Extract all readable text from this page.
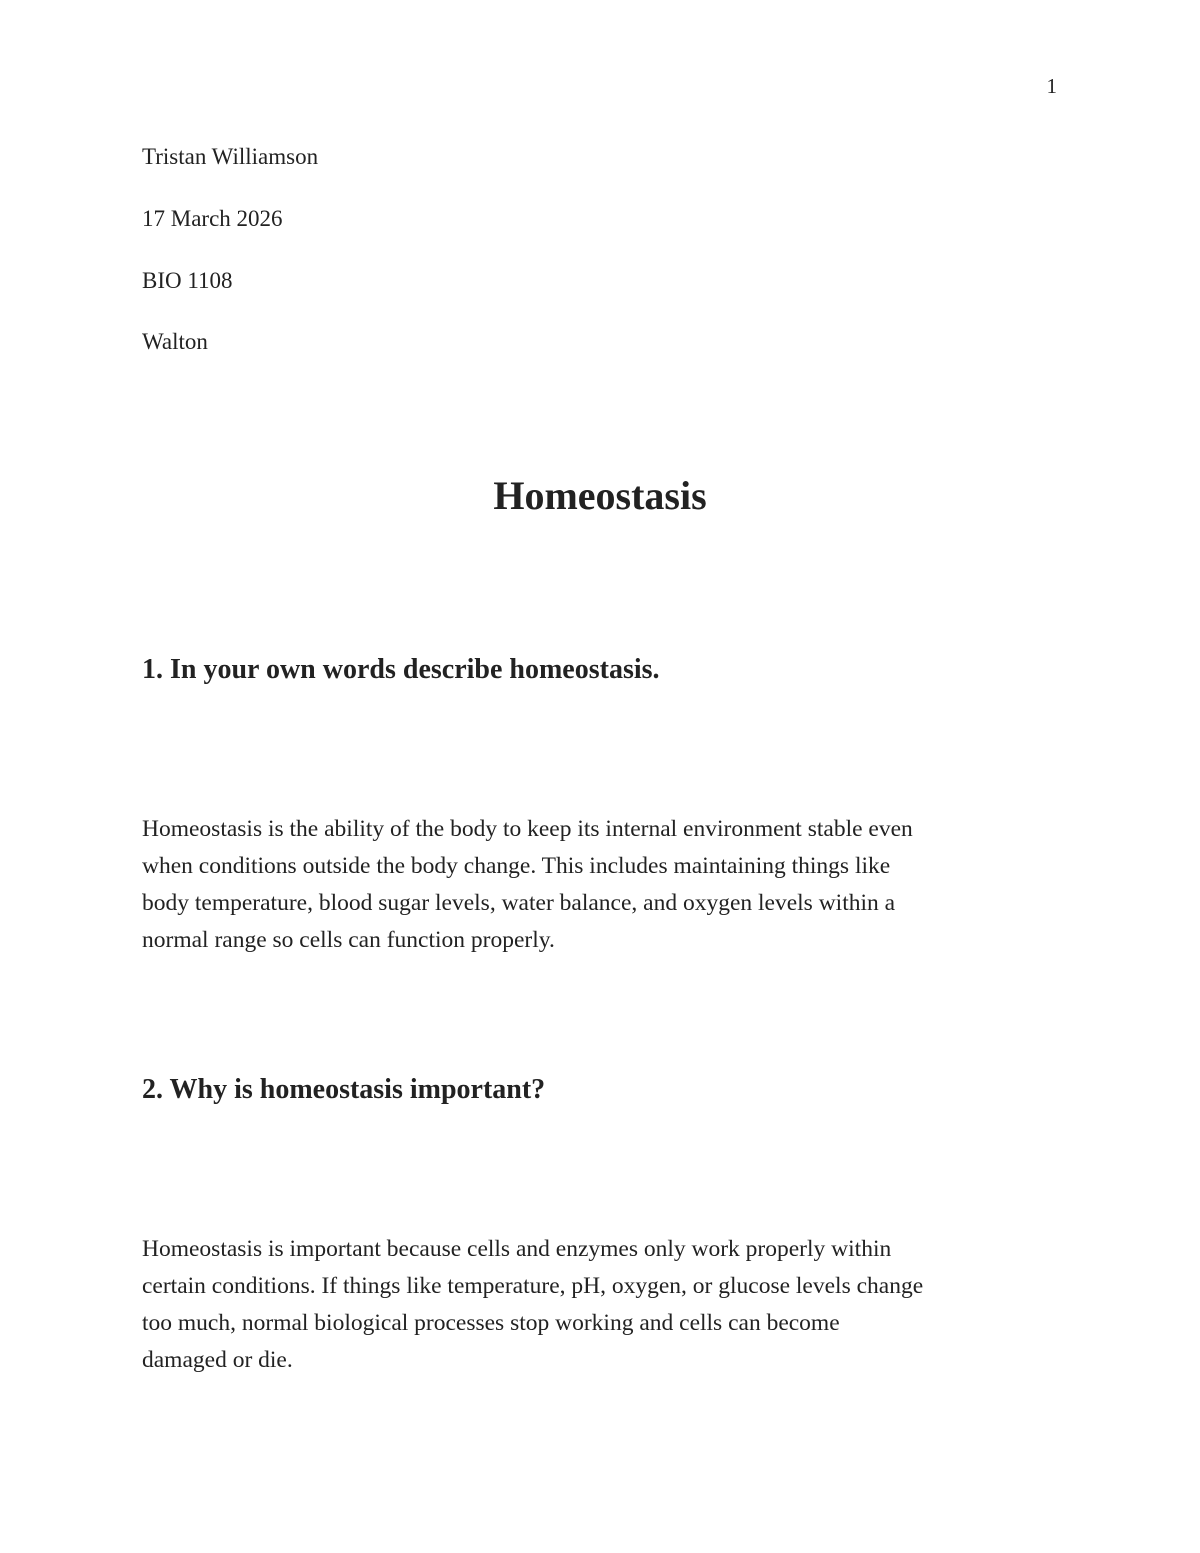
1
Tristan Williamson
17 March 2026
BIO 1108
Walton
Homeostasis
1. In your own words describe homeostasis.
Homeostasis is the ability of the body to keep its internal environment stable even
when conditions outside the body change. This includes maintaining things like
body temperature, blood sugar levels, water balance, and oxygen levels within a
normal range so cells can function properly.
2. Why is homeostasis important?
Homeostasis is important because cells and enzymes only work properly within
certain conditions. If things like temperature, pH, oxygen, or glucose levels change
too much, normal biological processes stop working and cells can become
damaged or die.
